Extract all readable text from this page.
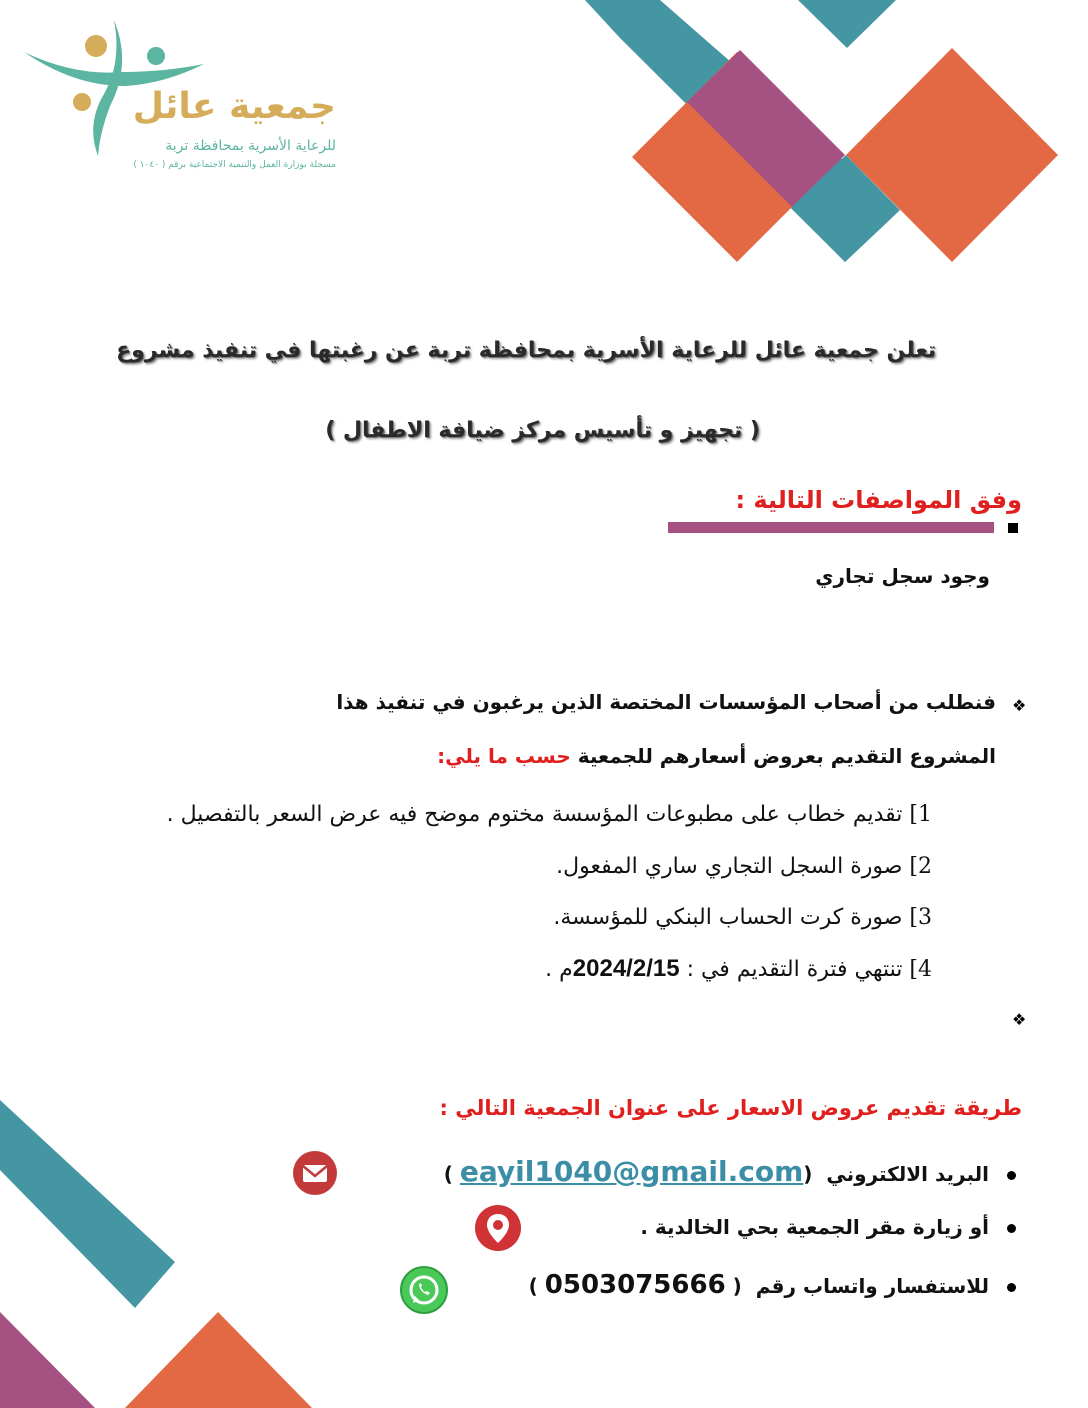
جمعية عائل
للرعاية الأسرية بمحافظة تربة
مسجلة بوزارة العمل والتنمية الاجتماعية برقم ( ١٠٤٠ )
تعلن جمعية عائل للرعاية الأسرية بمحافظة تربة عن رغبتها في تنفيذ مشروع
( تجهيز و تأسيس مركز ضيافة الاطفال )
وفق المواصفات التالية :
وجود سجل تجاري
❖
فنطلب من أصحاب المؤسسات المختصة الذين يرغبون في تنفيذ هذا
المشروع التقديم بعروض أسعارهم للجمعية حسب ما يلي:
1] تقديم خطاب على مطبوعات المؤسسة مختوم موضح فيه عرض السعر بالتفصيل .
2] صورة السجل التجاري ساري المفعول.
3] صورة كرت الحساب البنكي للمؤسسة.
4] تنتهي فترة التقديم في : 2024/2/15م .
❖
طريقة تقديم عروض الاسعار على عنوان الجمعية التالي :
البريد الالكتروني  (eayil1040@gmail.com )
أو زيارة مقر الجمعية بحي الخالدية .
للاستفسار واتساب رقم  ( 0503075666 )
